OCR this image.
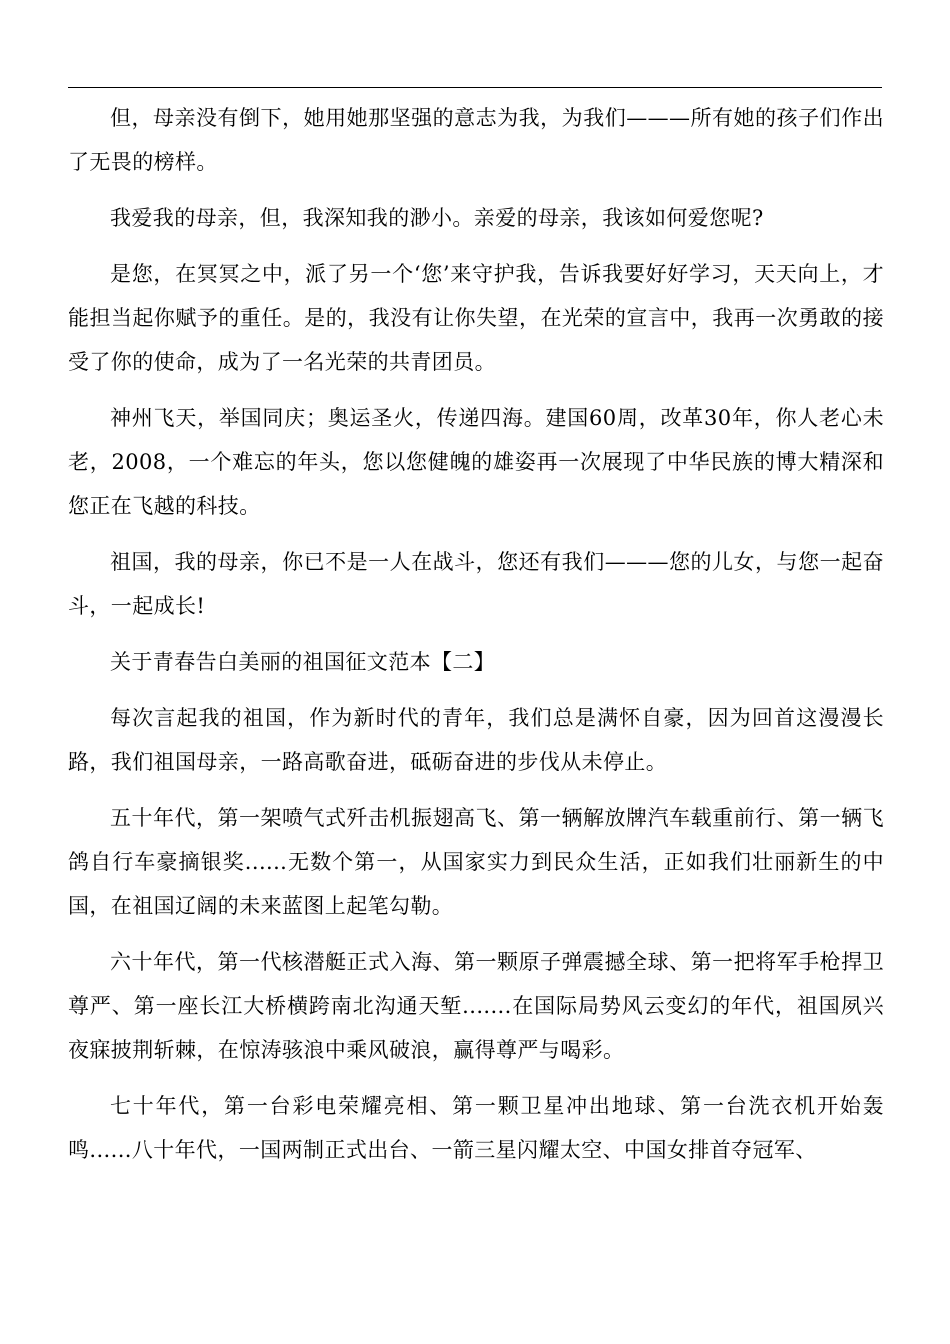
但，母亲没有倒下，她用她那坚强的意志为我，为我们———所有她的孩子们作出了无畏的榜样。

我爱我的母亲，但，我深知我的渺小。亲爱的母亲，我该如何爱您呢?

是您，在冥冥之中，派了另一个‘您’来守护我，告诉我要好好学习，天天向上，才能担当起你赋予的重任。是的，我没有让你失望，在光荣的宣言中，我再一次勇敢的接受了你的使命，成为了一名光荣的共青团员。

神州飞天，举国同庆；奥运圣火，传递四海。建国60周，改革30年，你人老心未老，2008，一个难忘的年头，您以您健魄的雄姿再一次展现了中华民族的博大精深和您正在飞越的科技。

祖国，我的母亲，你已不是一人在战斗，您还有我们———您的儿女，与您一起奋斗，一起成长!

关于青春告白美丽的祖国征文范本【二】

每次言起我的祖国，作为新时代的青年，我们总是满怀自豪，因为回首这漫漫长路，我们祖国母亲，一路高歌奋进，砥砺奋进的步伐从未停止。

五十年代，第一架喷气式歼击机振翅高飞、第一辆解放牌汽车载重前行、第一辆飞鸽自行车豪摘银奖......无数个第一，从国家实力到民众生活，正如我们壮丽新生的中国，在祖国辽阔的未来蓝图上起笔勾勒。

六十年代，第一代核潜艇正式入海、第一颗原子弹震撼全球、第一把将军手枪捍卫尊严、第一座长江大桥横跨南北沟通天堑.......在国际局势风云变幻的年代，祖国夙兴夜寐披荆斩棘，在惊涛骇浪中乘风破浪，赢得尊严与喝彩。

七十年代，第一台彩电荣耀亮相、第一颗卫星冲出地球、第一台洗衣机开始轰鸣......八十年代，一国两制正式出台、一箭三星闪耀太空、中国女排首夺冠军、
